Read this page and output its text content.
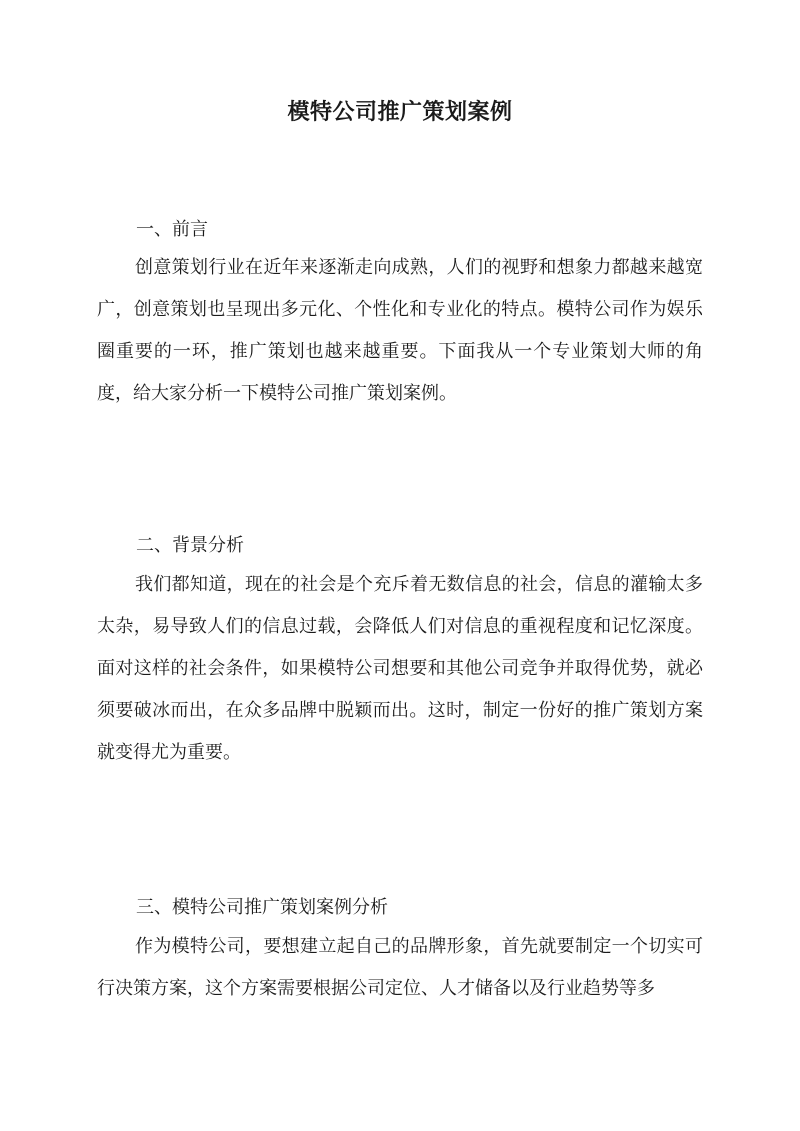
模特公司推广策划案例
一、前言

创意策划行业在近年来逐渐走向成熟，人们的视野和想象力都越来越宽广，创意策划也呈现出多元化、个性化和专业化的特点。模特公司作为娱乐圈重要的一环，推广策划也越来越重要。下面我从一个专业策划大师的角度，给大家分析一下模特公司推广策划案例。

二、背景分析

我们都知道，现在的社会是个充斥着无数信息的社会，信息的灌输太多太杂，易导致人们的信息过载，会降低人们对信息的重视程度和记忆深度。面对这样的社会条件，如果模特公司想要和其他公司竞争并取得优势，就必须要破冰而出，在众多品牌中脱颖而出。这时，制定一份好的推广策划方案就变得尤为重要。

三、模特公司推广策划案例分析

作为模特公司，要想建立起自己的品牌形象，首先就要制定一个切实可行决策方案，这个方案需要根据公司定位、人才储备以及行业趋势等多
